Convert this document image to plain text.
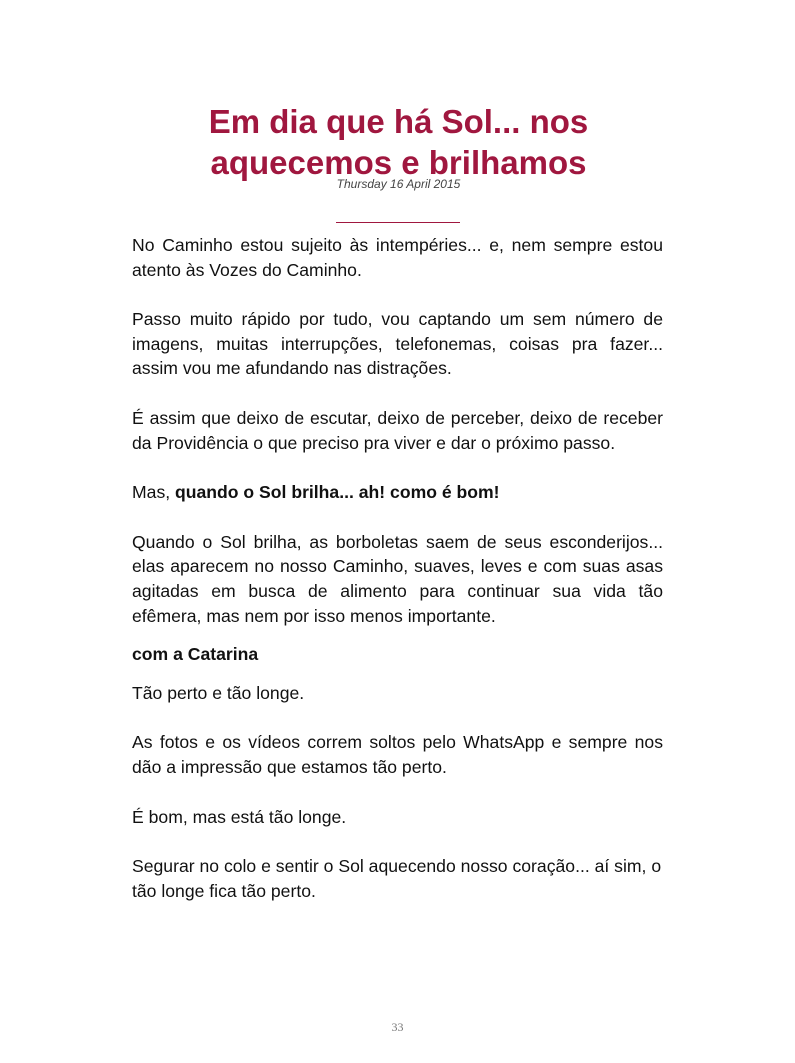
Em dia que há Sol... nos
aquecemos e brilhamos
Thursday 16 April 2015

No Caminho estou sujeito às intempéries... e, nem sempre estou atento às Vozes do Caminho.

Passo muito rápido por tudo, vou captando um sem número de imagens, muitas interrupções, telefonemas, coisas pra fazer... assim vou me afundando nas distrações.

É assim que deixo de escutar, deixo de perceber, deixo de receber da Providência o que preciso pra viver e dar o próximo passo.

Mas, quando o Sol brilha... ah! como é bom!

Quando o Sol brilha, as borboletas saem de seus esconderijos... elas aparecem no nosso Caminho, suaves, leves e com suas asas agitadas em busca de alimento para continuar sua vida tão efêmera, mas nem por isso menos importante.

com a Catarina

Tão perto e tão longe.

As fotos e os vídeos correm soltos pelo WhatsApp e sempre nos dão a impressão que estamos tão perto.

É bom, mas está tão longe.

Segurar no colo e sentir o Sol aquecendo nosso coração... aí sim, o tão longe fica tão perto.

33
